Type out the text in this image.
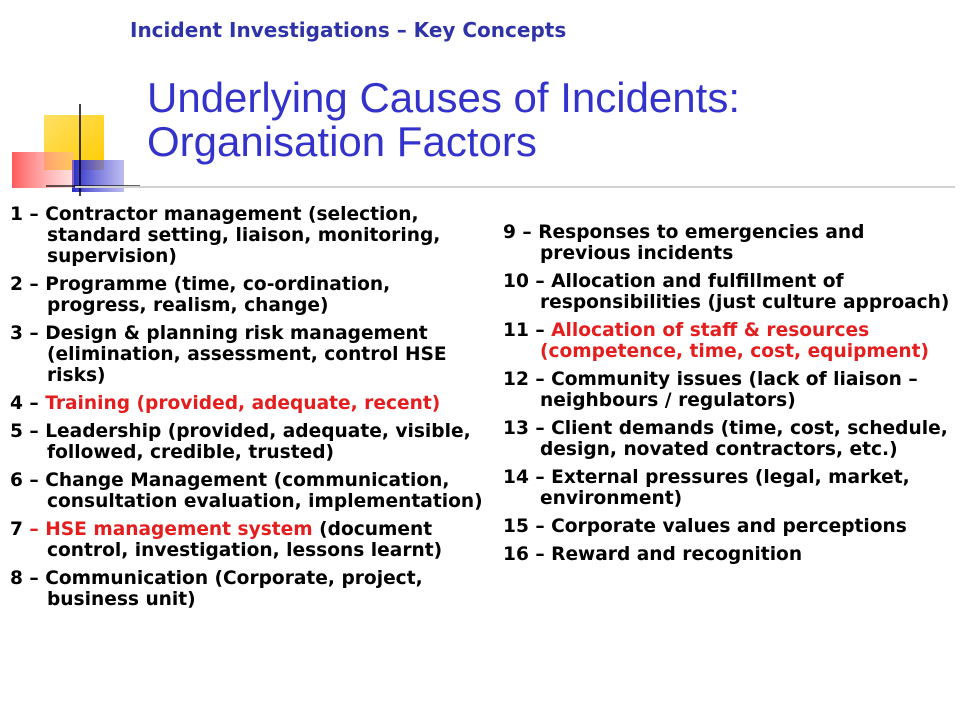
Incident Investigations – Key Concepts
Underlying Causes of Incidents:
Organisation Factors
1 – Contractor management (selection, standard setting, liaison, monitoring, supervision)
2 – Programme (time, co-ordination, progress, realism, change)
3 – Design & planning risk management (elimination, assessment, control HSE risks)
4 – Training (provided, adequate, recent)
5 – Leadership (provided, adequate, visible, followed, credible, trusted)
6 – Change Management (communication, consultation evaluation, implementation)
7 – HSE management system (document control, investigation, lessons learnt)
8 – Communication (Corporate, project, business unit)
9 – Responses to emergencies and previous incidents
10 – Allocation and fulfillment of responsibilities (just culture approach)
11 – Allocation of staff & resources (competence, time, cost, equipment)
12 – Community issues (lack of liaison – neighbours / regulators)
13 – Client demands (time, cost, schedule, design, novated contractors, etc.)
14 – External pressures (legal, market, environment)
15 – Corporate values and perceptions
16 – Reward and recognition
